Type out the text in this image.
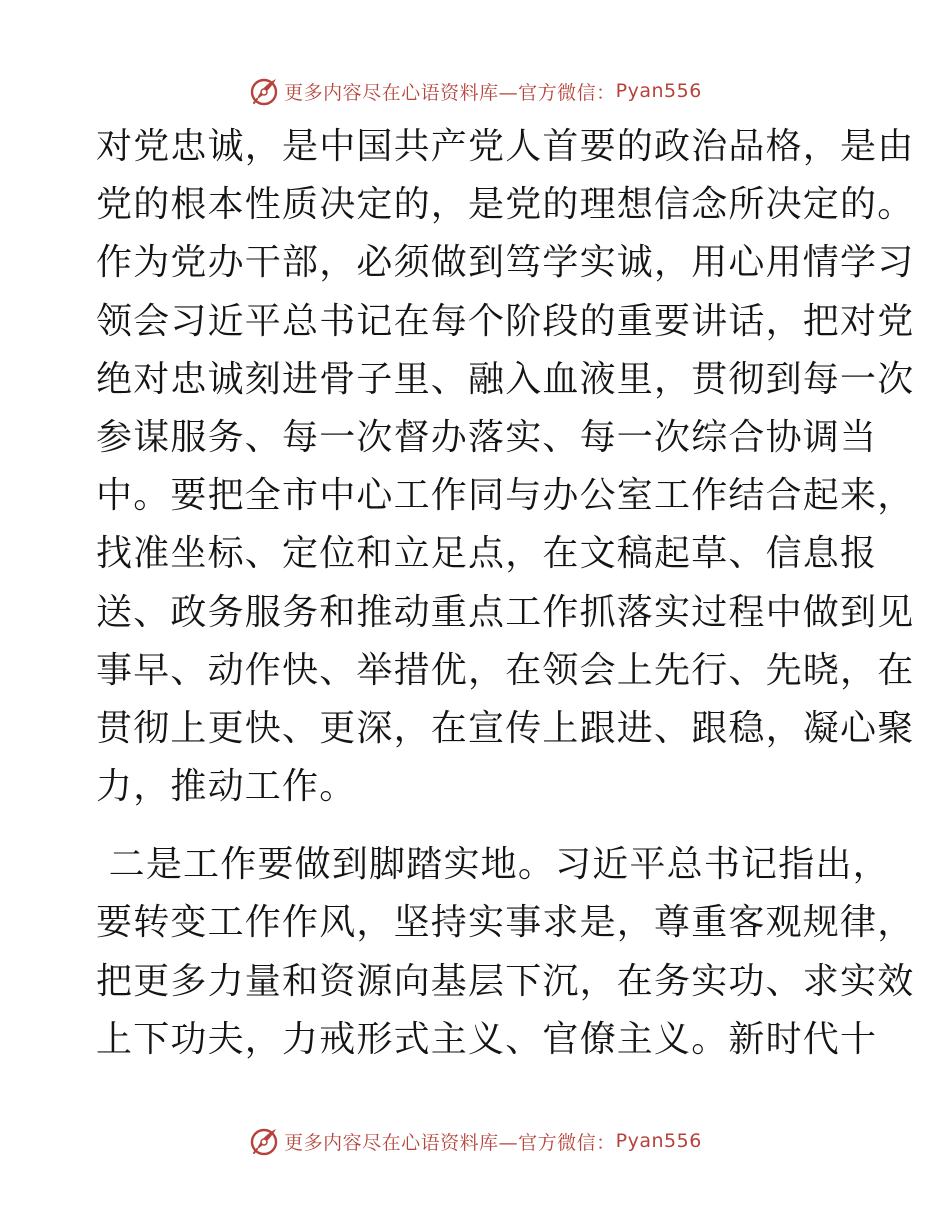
更多内容尽在心语资料库—官方微信： Pyan556
对党忠诚，是中国共产党人首要的政治品格，是由
党的根本性质决定的，是党的理想信念所决定的。
作为党办干部，必须做到笃学实诚，用心用情学习
领会习近平总书记在每个阶段的重要讲话，把对党
绝对忠诚刻进骨子里、融入血液里，贯彻到每一次
参谋服务、每一次督办落实、每一次综合协调当
中。要把全市中心工作同与办公室工作结合起来，
找准坐标、定位和立足点，在文稿起草、信息报
送、政务服务和推动重点工作抓落实过程中做到见
事早、动作快、举措优，在领会上先行、先晓，在
贯彻上更快、更深，在宣传上跟进、跟稳，凝心聚
力，推动工作。
二是工作要做到脚踏实地。习近平总书记指出，
要转变工作作风，坚持实事求是，尊重客观规律，
把更多力量和资源向基层下沉，在务实功、求实效
上下功夫，力戒形式主义、官僚主义。新时代十
更多内容尽在心语资料库—官方微信： Pyan556
